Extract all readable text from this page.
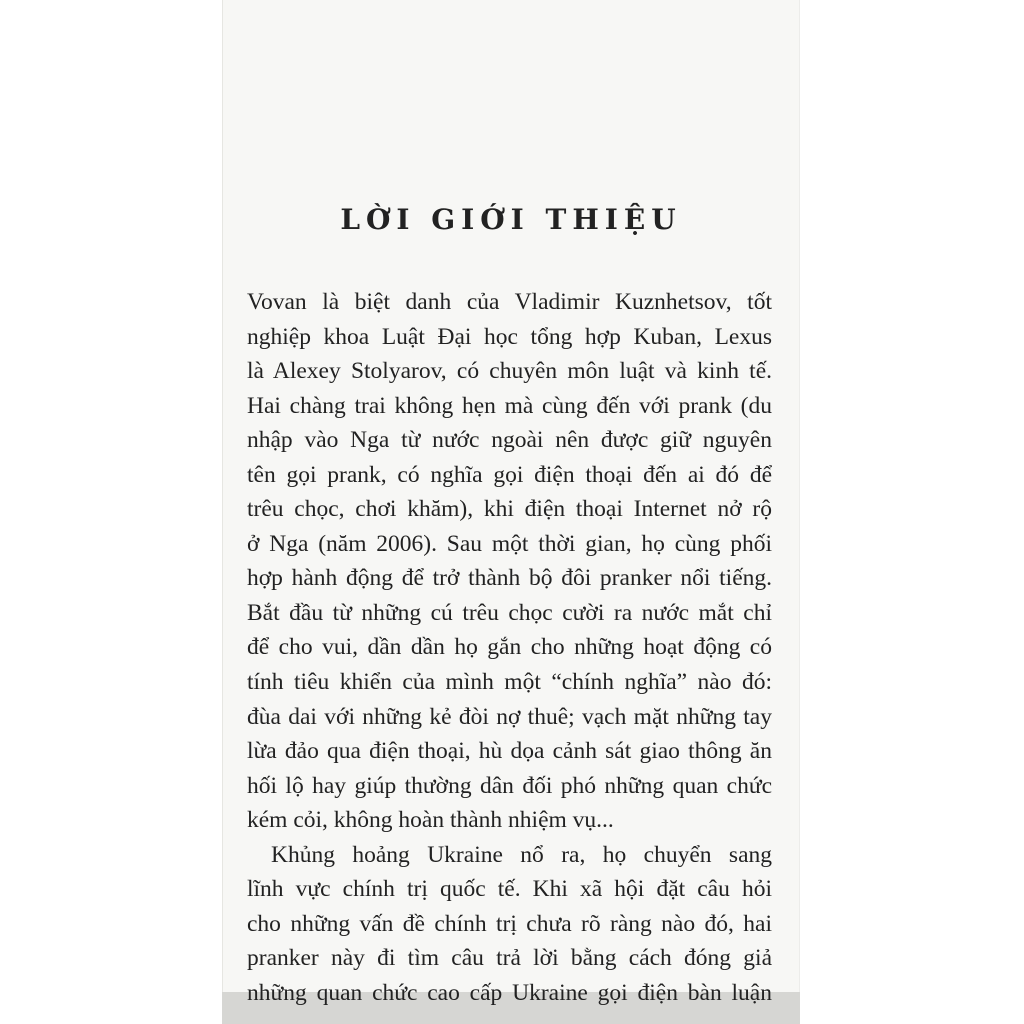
LỜI GIỚI THIỆU

Vovan là biệt danh của Vladimir Kuznhetsov, tốt
nghiệp khoa Luật Đại học tổng hợp Kuban, Lexus
là Alexey Stolyarov, có chuyên môn luật và kinh tế.
Hai chàng trai không hẹn mà cùng đến với prank (du
nhập vào Nga từ nước ngoài nên được giữ nguyên
tên gọi prank, có nghĩa gọi điện thoại đến ai đó để
trêu chọc, chơi khăm), khi điện thoại Internet nở rộ
ở Nga (năm 2006). Sau một thời gian, họ cùng phối
hợp hành động để trở thành bộ đôi pranker nổi tiếng.
Bắt đầu từ những cú trêu chọc cười ra nước mắt chỉ
để cho vui, dần dần họ gắn cho những hoạt động có
tính tiêu khiển của mình một “chính nghĩa” nào đó:
đùa dai với những kẻ đòi nợ thuê; vạch mặt những tay
lừa đảo qua điện thoại, hù dọa cảnh sát giao thông ăn
hối lộ hay giúp thường dân đối phó những quan chức
kém cỏi, không hoàn thành nhiệm vụ...

Khủng hoảng Ukraine nổ ra, họ chuyển sang
lĩnh vực chính trị quốc tế. Khi xã hội đặt câu hỏi
cho những vấn đề chính trị chưa rõ ràng nào đó, hai
pranker này đi tìm câu trả lời bằng cách đóng giả
những quan chức cao cấp Ukraine gọi điện bàn luận
